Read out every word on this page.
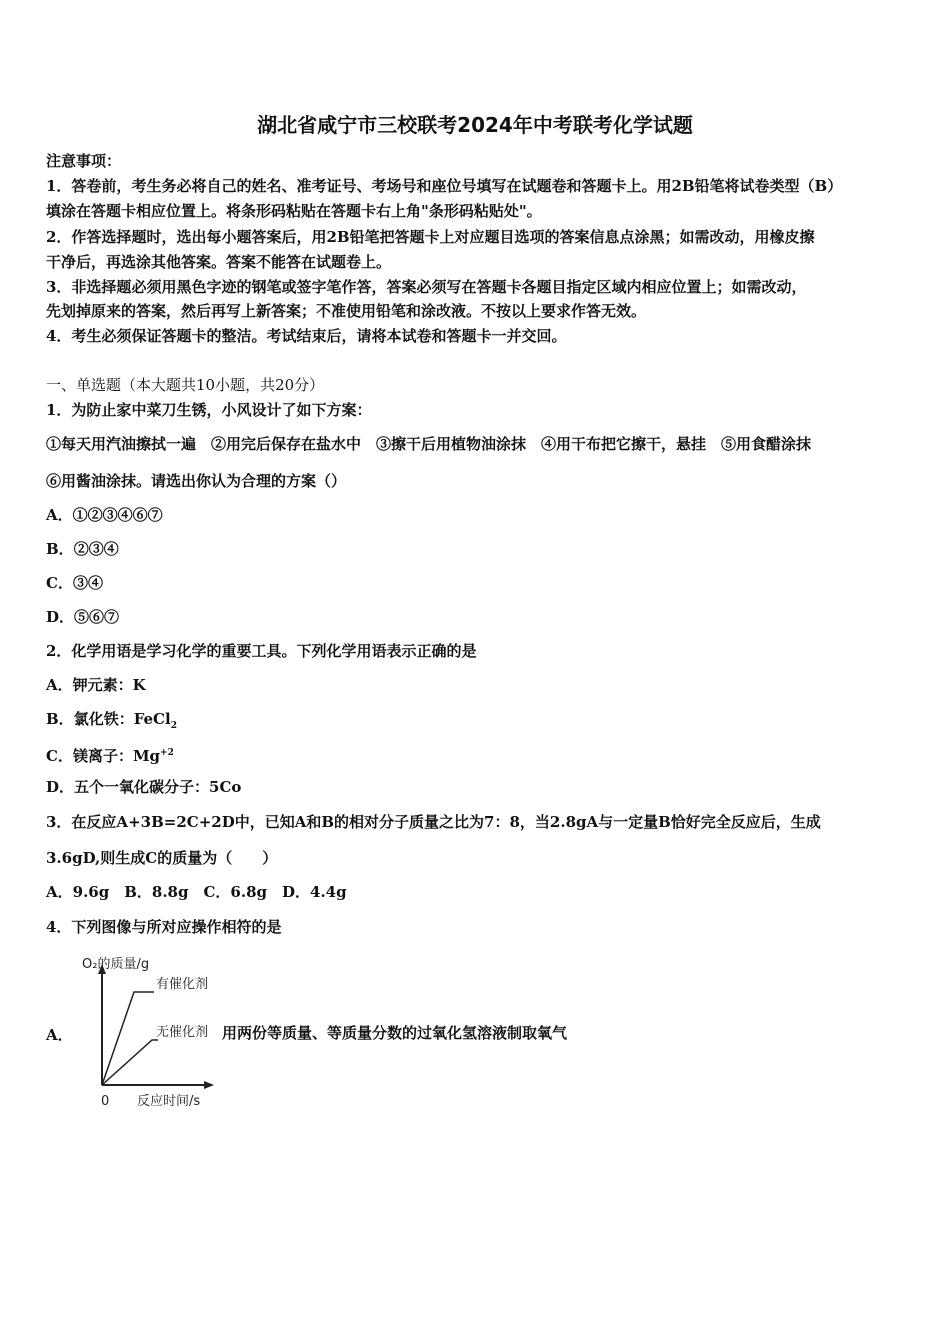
湖北省咸宁市三校联考2024年中考联考化学试题
注意事项：
1．答卷前，考生务必将自己的姓名、准考证号、考场号和座位号填写在试题卷和答题卡上。用2B铅笔将试卷类型（B）
填涂在答题卡相应位置上。将条形码粘贴在答题卡右上角"条形码粘贴处"。
2．作答选择题时，选出每小题答案后，用2B铅笔把答题卡上对应题目选项的答案信息点涂黑；如需改动，用橡皮擦
干净后，再选涂其他答案。答案不能答在试题卷上。
3．非选择题必须用黑色字迹的钢笔或签字笔作答，答案必须写在答题卡各题目指定区域内相应位置上；如需改动，
先划掉原来的答案，然后再写上新答案；不准使用铅笔和涂改液。不按以上要求作答无效。
4．考生必须保证答题卡的整洁。考试结束后，请将本试卷和答题卡一并交回。
一、单选题（本大题共10小题，共20分）
1．为防止家中菜刀生锈，小风设计了如下方案：
①每天用汽油擦拭一遍　②用完后保存在盐水中　③擦干后用植物油涂抹　④用干布把它擦干，悬挂　⑤用食醋涂抹
⑥用酱油涂抹。请选出你认为合理的方案（）
A．①②③④⑥⑦
B．②③④
C．③④
D．⑤⑥⑦
2．化学用语是学习化学的重要工具。下列化学用语表示正确的是
A．钾元素：K
B．氯化铁：FeCl$_2$
C．镁离子：$Mg^{+2}$
D．五个一氧化碳分子：5Co
3．在反应A+3B=2C+2D中，已知A和B的相对分子质量之比为7：8，当2.8gA与一定量B恰好完全反应后，生成
3.6gD,则生成C的质量为（　　）
A．9.6g　B．8.8g　C．6.8g　D．4.4g
4．下列图像与所对应操作相符的是
A．
O₂的质量/g
有催化剂
无催化剂
0 反应时间/s
用两份等质量、等质量分数的过氧化氢溶液制取氧气
